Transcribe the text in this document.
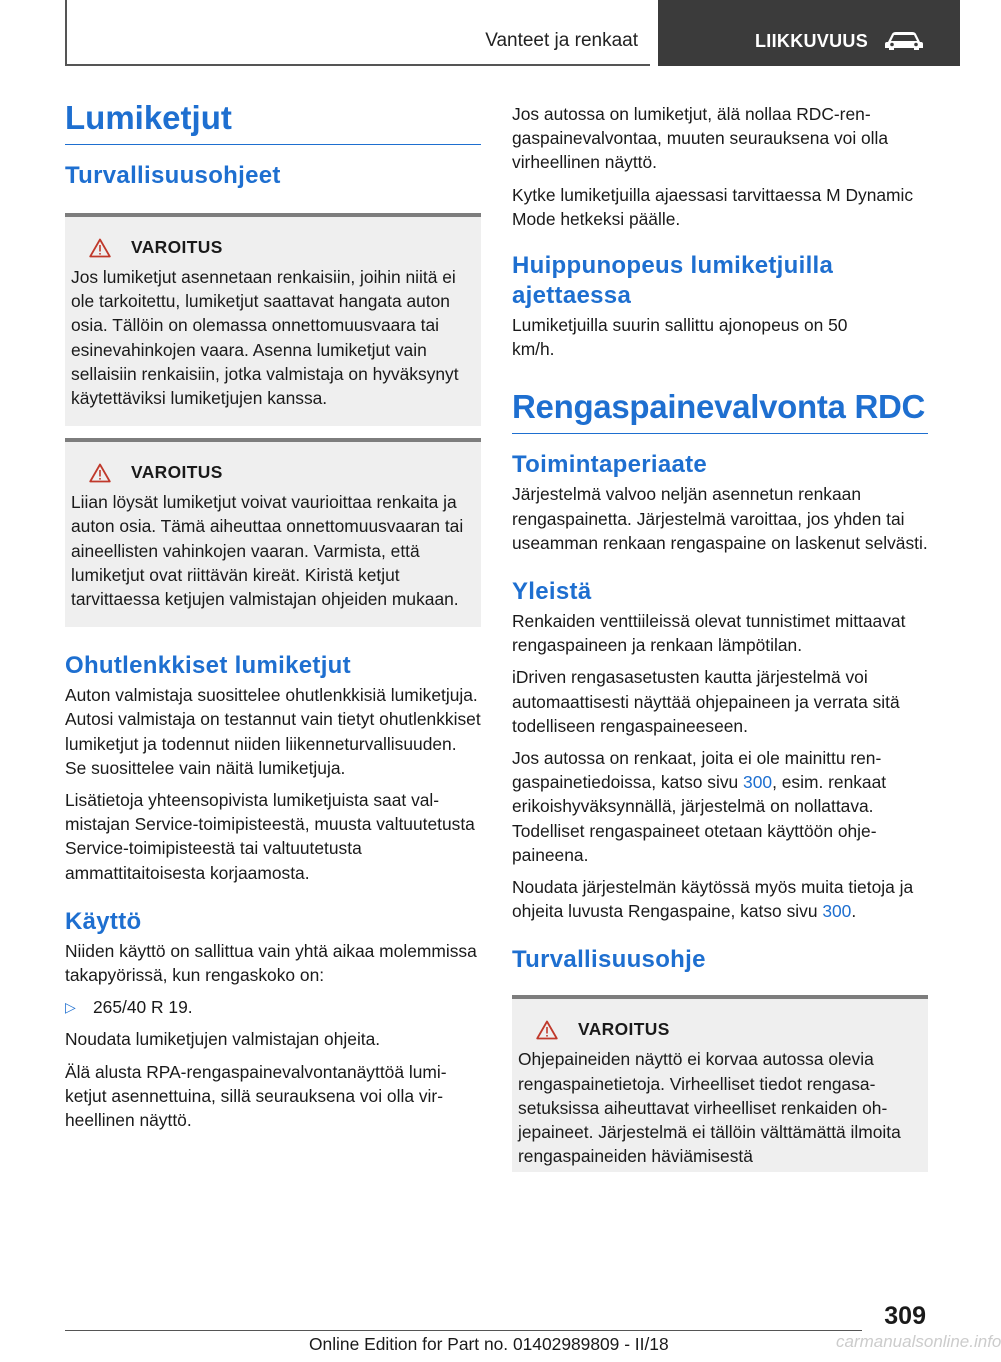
Vanteet ja renkaat	LIIKKUVUUS
Lumiketjut
Turvallisuusohjeet
VAROITUS
Jos lumiketjut asennetaan renkaisiin, joihin niitä ei ole tarkoitettu, lumiketjut saattavat hangata auton osia. Tällöin on olemassa onnettomuusvaara tai esinevahinkojen vaara. Asenna lumiketjut vain sellaisiin renkaisiin, jotka valmistaja on hyväksynyt käytettäviksi lumiketjujen kanssa.
VAROITUS
Liian löysät lumiketjut voivat vaurioittaa renkaita ja auton osia. Tämä aiheuttaa onnettomuusvaaran tai aineellisten vahinkojen vaaran. Varmista, että lumiketjut ovat riittävän kireät. Kiristä ketjut tarvittaessa ketjujen valmistajan ohjeiden mukaan.
Ohutlenkkiset lumiketjut
Auton valmistaja suosittelee ohutlenkkisiä lumiketjuja. Autosi valmistaja on testannut vain tietyt ohutlenkkiset lumiketjut ja todennut niiden liikenneturvallisuuden. Se suosittelee vain näitä lumiketjuja.
Lisätietoja yhteensopivista lumiketjuista saat valmistajan Service-toimipisteestä, muusta valtuutetusta Service-toimipisteestä tai valtuutetusta ammattitaitoisesta korjaamosta.
Käyttö
Niiden käyttö on sallittua vain yhtä aikaa molemmissa takapyörissä, kun rengaskoko on:
▷ 265/40 R 19.
Noudata lumiketjujen valmistajan ohjeita.
Älä alusta RPA-rengaspainevalvontanäyttöä lumiketjut asennettuina, sillä seurauksena voi olla virheellinen näyttö.
Jos autossa on lumiketjut, älä nollaa RDC-rengaspainevalvontaa, muuten seurauksena voi olla virheellinen näyttö.
Kytke lumiketjuilla ajaessasi tarvittaessa M Dynamic Mode hetkeksi päälle.
Huippunopeus lumiketjuilla ajettaessa
Lumiketjuilla suurin sallittu ajonopeus on 50 km/h.
Rengaspainevalvonta RDC
Toimintaperiaate
Järjestelmä valvoo neljän asennetun renkaan rengaspainetta. Järjestelmä varoittaa, jos yhden tai useamman renkaan rengaspaine on laskenut selvästi.
Yleistä
Renkaiden venttiileissä olevat tunnistimet mittaavat rengaspaineen ja renkaan lämpötilan.
iDriven rengasasetusten kautta järjestelmä voi automaattisesti näyttää ohjepaineen ja verrata sitä todelliseen rengaspaineeseen.
Jos autossa on renkaat, joita ei ole mainittu rengaspainetiedoissa, katso sivu 300, esim. renkaat erikoishyväksynnällä, järjestelmä on nollattava. Todelliset rengaspaineet otetaan käyttöön ohjepaineena.
Noudata järjestelmän käytössä myös muita tietoja ja ohjeita luvusta Rengaspaine, katso sivu 300.
Turvallisuusohje
VAROITUS
Ohjepaineiden näyttö ei korvaa autossa olevia rengaspainetietoja. Virheelliset tiedot rengasasetuksissa aiheuttavat virheelliset renkaiden ohjepaineet. Järjestelmä ei tällöin välttämättä ilmoita rengaspaineiden häviämisestä
309
Online Edition for Part no. 01402989809 - II/18	carmanualsonline.info
